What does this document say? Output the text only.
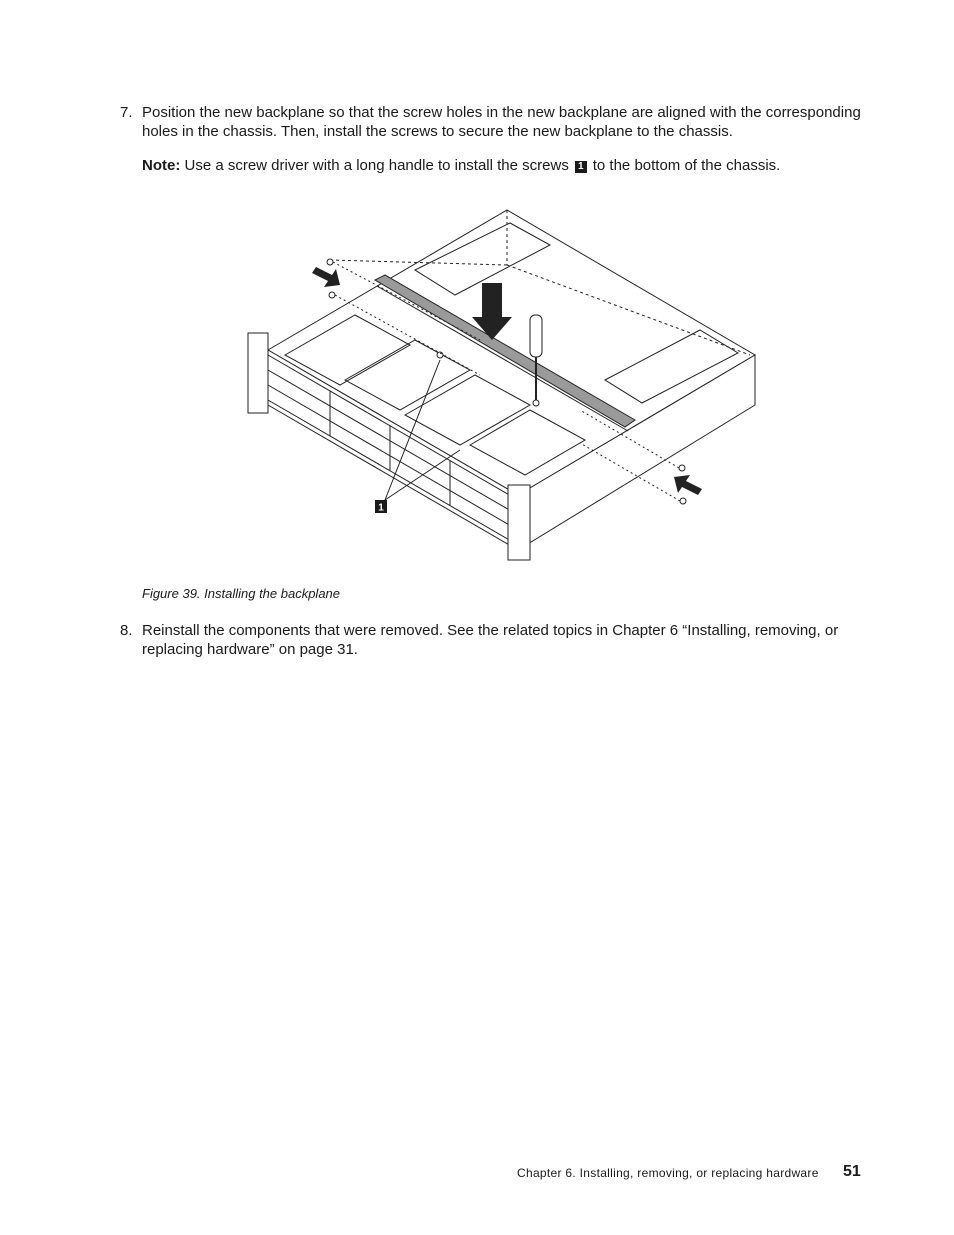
7. Position the new backplane so that the screw holes in the new backplane are aligned with the corresponding holes in the chassis. Then, install the screws to secure the new backplane to the chassis.
Note: Use a screw driver with a long handle to install the screws 1 to the bottom of the chassis.
1
Figure 39. Installing the backplane
8. Reinstall the components that were removed. See the related topics in Chapter 6 “Installing, removing, or replacing hardware” on page 31.
Chapter 6. Installing, removing, or replacing hardware 51
